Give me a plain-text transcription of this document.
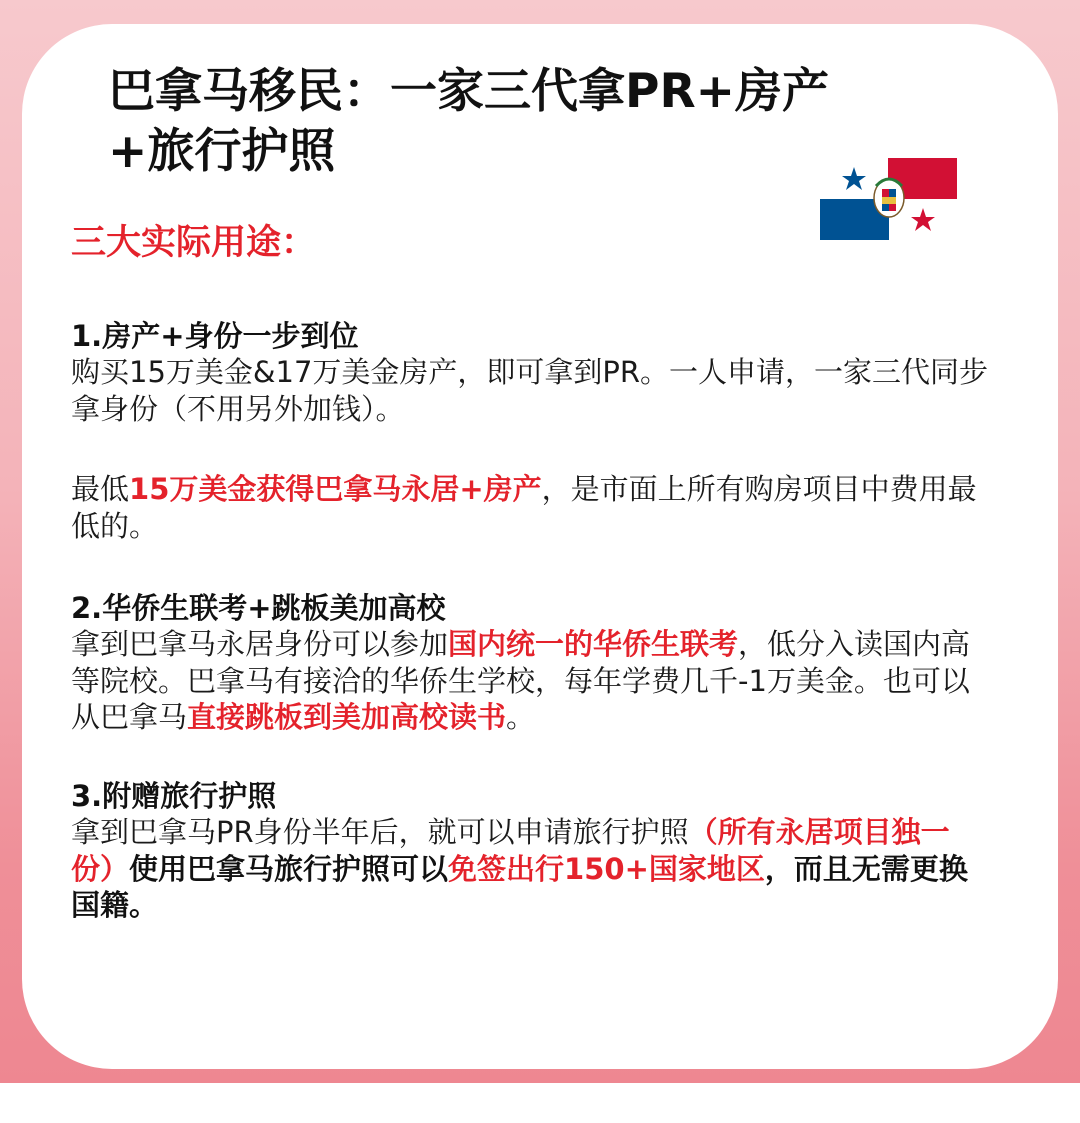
巴拿马移民：一家三代拿PR+房产
+旅行护照
三大实际用途：
1.房产+身份一步到位

购买15万美金&17万美金房产，即可拿到PR。一人申请，一家三代同步拿身份（不用另外加钱）。

最低15万美金获得巴拿马永居+房产，是市面上所有购房项目中费用最低的。

2.华侨生联考+跳板美加高校

拿到巴拿马永居身份可以参加国内统一的华侨生联考，低分入读国内高等院校。巴拿马有接洽的华侨生学校，每年学费几千-1万美金。也可以从巴拿马直接跳板到美加高校读书。

3.附赠旅行护照

拿到巴拿马PR身份半年后，就可以申请旅行护照（所有永居项目独一份）使用巴拿马旅行护照可以免签出行150+国家地区，而且无需更换国籍。
